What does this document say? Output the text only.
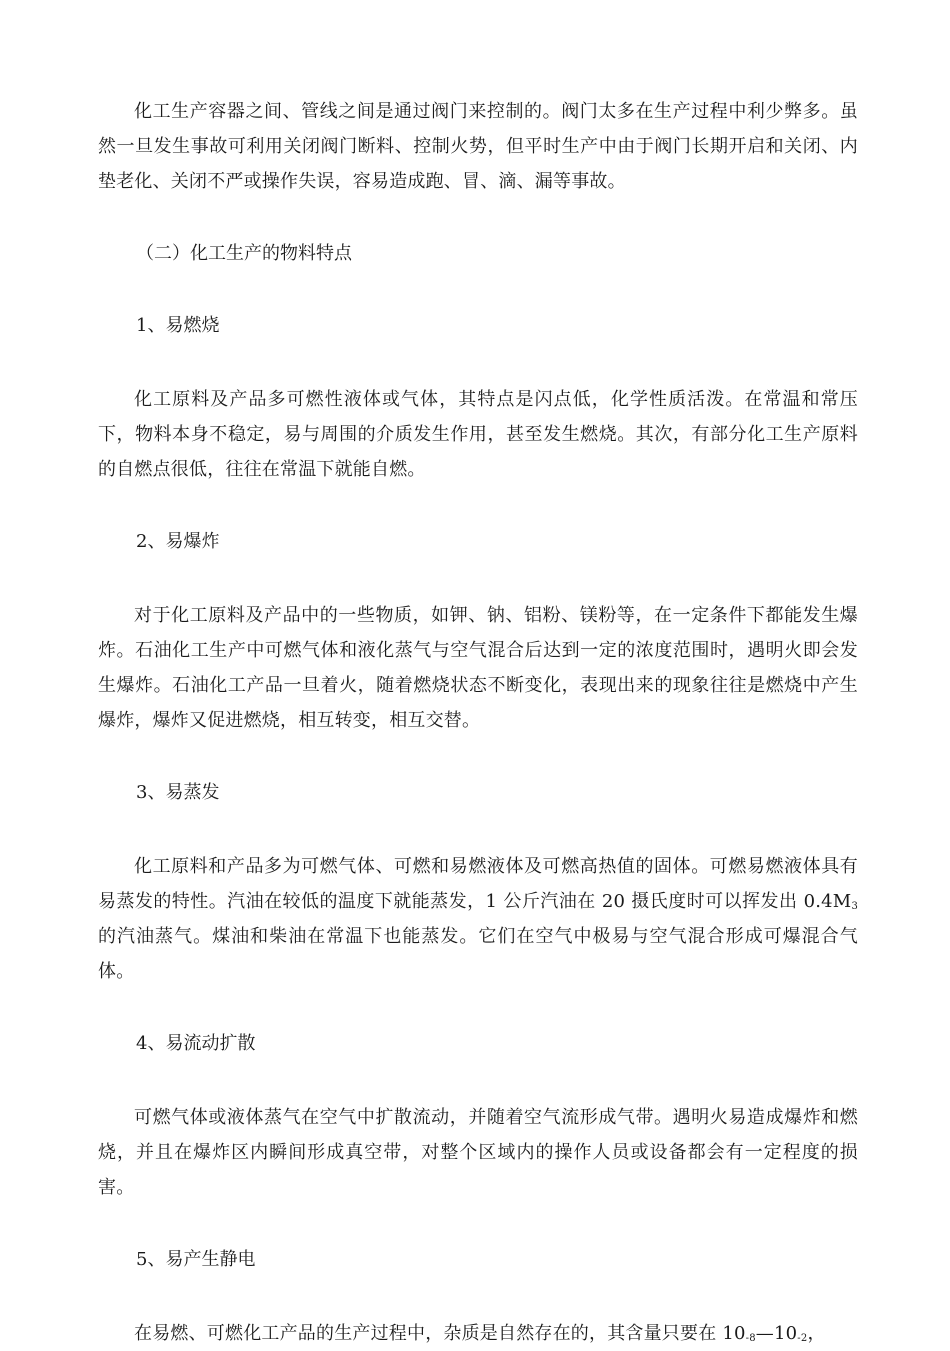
化工生产容器之间、管线之间是通过阀门来控制的。阀门太多在生产过程中利少弊多。虽然一旦发生事故可利用关闭阀门断料、控制火势，但平时生产中由于阀门长期开启和关闭、内垫老化、关闭不严或操作失误，容易造成跑、冒、滴、漏等事故。

（二）化工生产的物料特点

1、易燃烧

化工原料及产品多可燃性液体或气体，其特点是闪点低，化学性质活泼。在常温和常压下，物料本身不稳定，易与周围的介质发生作用，甚至发生燃烧。其次，有部分化工生产原料的自燃点很低，往往在常温下就能自燃。

2、易爆炸

对于化工原料及产品中的一些物质，如钾、钠、铝粉、镁粉等，在一定条件下都能发生爆炸。石油化工生产中可燃气体和液化蒸气与空气混合后达到一定的浓度范围时，遇明火即会发生爆炸。石油化工产品一旦着火，随着燃烧状态不断变化，表现出来的现象往往是燃烧中产生爆炸，爆炸又促进燃烧，相互转变，相互交替。

3、易蒸发

化工原料和产品多为可燃气体、可燃和易燃液体及可燃高热值的固体。可燃易燃液体具有易蒸发的特性。汽油在较低的温度下就能蒸发，1 公斤汽油在 20 摄氏度时可以挥发出 $0.4M_3$的汽油蒸气。煤油和柴油在常温下也能蒸发。它们在空气中极易与空气混合形成可爆混合气体。

4、易流动扩散

可燃气体或液体蒸气在空气中扩散流动，并随着空气流形成气带。遇明火易造成爆炸和燃烧，并且在爆炸区内瞬间形成真空带，对整个区域内的操作人员或设备都会有一定程度的损害。

5、易产生静电

在易燃、可燃化工产品的生产过程中，杂质是自然存在的，其含量只要在 $10_{-8}—10_{-2}$，
